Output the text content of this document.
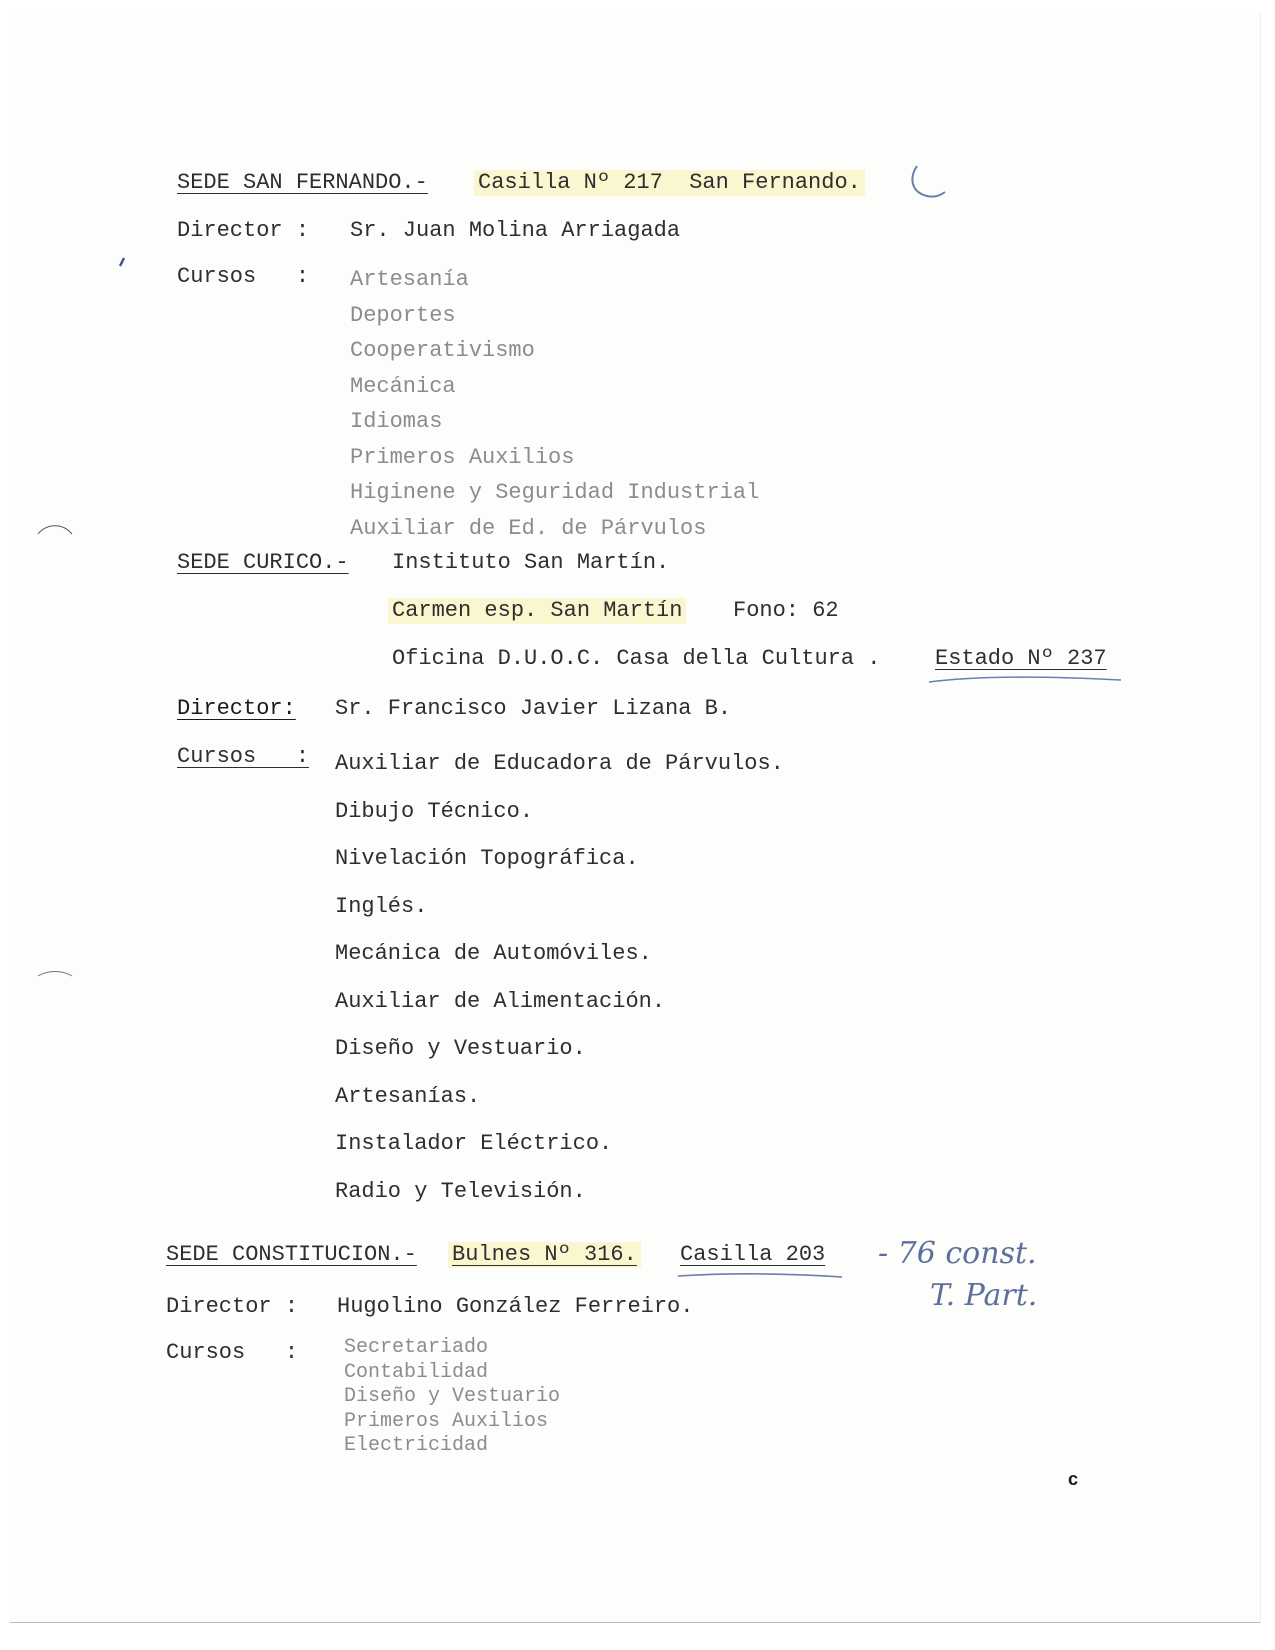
SEDE SAN FERNANDO.- Casilla Nº 217  San Fernando.
Director : Sr. Juan Molina Arriagada
Cursos   : Artesanía
Deportes
Cooperativismo
Mecánica
Idiomas
Primeros Auxilios
Higinene y Seguridad Industrial
Auxiliar de Ed. de Párvulos
SEDE CURICO.- Instituto San Martín.
Carmen esp. San Martín Fono: 62
Oficina D.U.O.C. Casa della Cultura . Estado Nº 237
Director: Sr. Francisco Javier Lizana B.
Cursos   : Auxiliar de Educadora de Párvulos.
Dibujo Técnico.
Nivelación Topográfica.
Inglés.
Mecánica de Automóviles.
Auxiliar de Alimentación.
Diseño y Vestuario.
Artesanías.
Instalador Eléctrico.
Radio y Televisión.
SEDE CONSTITUCION.- Bulnes Nº 316. Casilla 203 - 76 const.
T. Part.
Director : Hugolino González Ferreiro.
Cursos   : Secretariado
Contabilidad
Diseño y Vestuario
Primeros Auxilios
Electricidad
c
